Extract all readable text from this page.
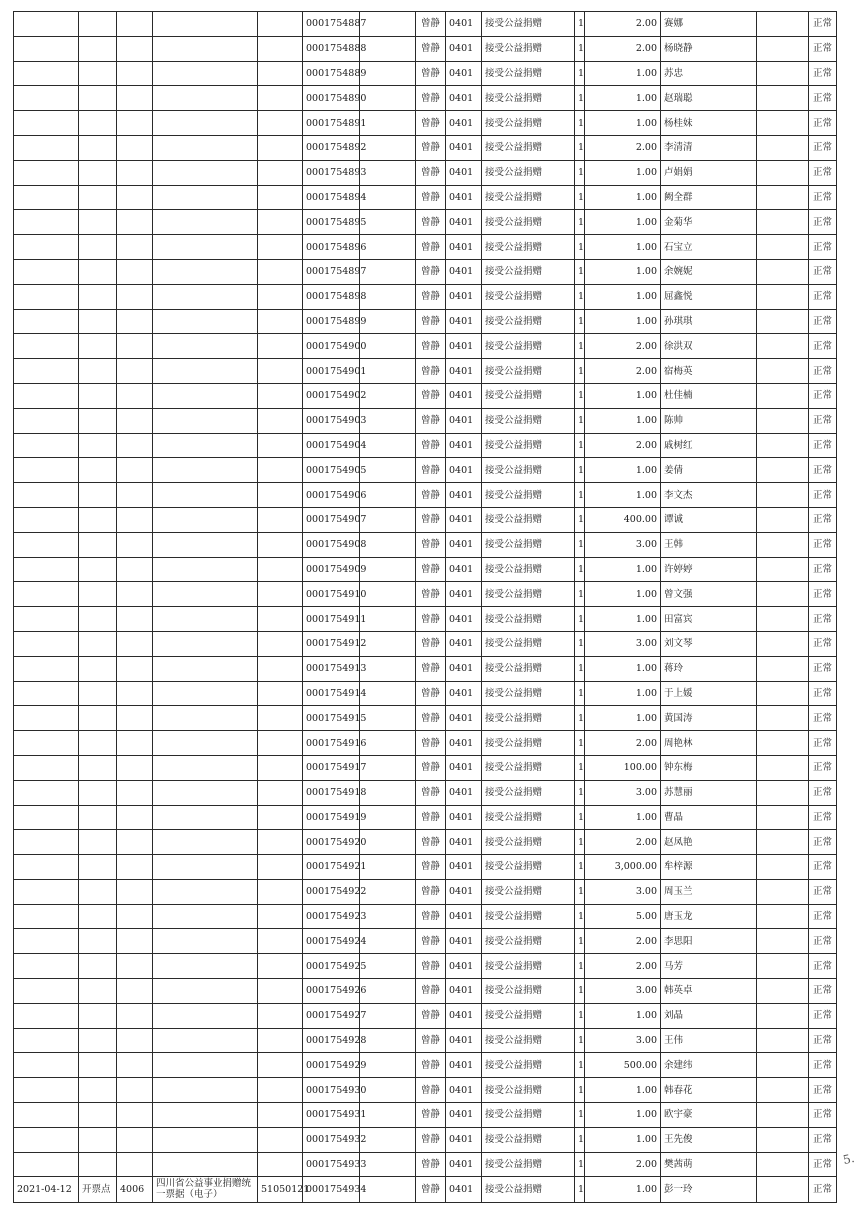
					0001754887		曾静	0401	接受公益捐赠	1	2.00	赛娜		正常
					0001754888		曾静	0401	接受公益捐赠	1	2.00	杨晓静		正常
					0001754889		曾静	0401	接受公益捐赠	1	1.00	苏忠		正常
					0001754890		曾静	0401	接受公益捐赠	1	1.00	赵瑞聪		正常
					0001754891		曾静	0401	接受公益捐赠	1	1.00	杨桂妹		正常
					0001754892		曾静	0401	接受公益捐赠	1	2.00	李清清		正常
					0001754893		曾静	0401	接受公益捐赠	1	1.00	卢娟娟		正常
					0001754894		曾静	0401	接受公益捐赠	1	1.00	阙全群		正常
					0001754895		曾静	0401	接受公益捐赠	1	1.00	金菊华		正常
					0001754896		曾静	0401	接受公益捐赠	1	1.00	石宝立		正常
					0001754897		曾静	0401	接受公益捐赠	1	1.00	余婉妮		正常
					0001754898		曾静	0401	接受公益捐赠	1	1.00	屈鑫悦		正常
					0001754899		曾静	0401	接受公益捐赠	1	1.00	孙琪琪		正常
					0001754900		曾静	0401	接受公益捐赠	1	2.00	徐洪双		正常
					0001754901		曾静	0401	接受公益捐赠	1	2.00	宿梅英		正常
					0001754902		曾静	0401	接受公益捐赠	1	1.00	杜佳楠		正常
					0001754903		曾静	0401	接受公益捐赠	1	1.00	陈帅		正常
					0001754904		曾静	0401	接受公益捐赠	1	2.00	戚树红		正常
					0001754905		曾静	0401	接受公益捐赠	1	1.00	姜倩		正常
					0001754906		曾静	0401	接受公益捐赠	1	1.00	李文杰		正常
					0001754907		曾静	0401	接受公益捐赠	1	400.00	谭诚		正常
					0001754908		曾静	0401	接受公益捐赠	1	3.00	王韩		正常
					0001754909		曾静	0401	接受公益捐赠	1	1.00	许婷婷		正常
					0001754910		曾静	0401	接受公益捐赠	1	1.00	曾文强		正常
					0001754911		曾静	0401	接受公益捐赠	1	1.00	田富宾		正常
					0001754912		曾静	0401	接受公益捐赠	1	3.00	刘文琴		正常
					0001754913		曾静	0401	接受公益捐赠	1	1.00	蒋玲		正常
					0001754914		曾静	0401	接受公益捐赠	1	1.00	于上媛		正常
					0001754915		曾静	0401	接受公益捐赠	1	1.00	黄国涛		正常
					0001754916		曾静	0401	接受公益捐赠	1	2.00	周艳林		正常
					0001754917		曾静	0401	接受公益捐赠	1	100.00	钟东梅		正常
					0001754918		曾静	0401	接受公益捐赠	1	3.00	苏慧丽		正常
					0001754919		曾静	0401	接受公益捐赠	1	1.00	曹晶		正常
					0001754920		曾静	0401	接受公益捐赠	1	2.00	赵凤艳		正常
					0001754921		曾静	0401	接受公益捐赠	1	3,000.00	牟梓源		正常
					0001754922		曾静	0401	接受公益捐赠	1	3.00	周玉兰		正常
					0001754923		曾静	0401	接受公益捐赠	1	5.00	唐玉龙		正常
					0001754924		曾静	0401	接受公益捐赠	1	2.00	李思阳		正常
					0001754925		曾静	0401	接受公益捐赠	1	2.00	马芳		正常
					0001754926		曾静	0401	接受公益捐赠	1	3.00	韩英卓		正常
					0001754927		曾静	0401	接受公益捐赠	1	1.00	刘晶		正常
					0001754928		曾静	0401	接受公益捐赠	1	3.00	王伟		正常
					0001754929		曾静	0401	接受公益捐赠	1	500.00	余建纬		正常
					0001754930		曾静	0401	接受公益捐赠	1	1.00	韩春花		正常
					0001754931		曾静	0401	接受公益捐赠	1	1.00	欧宇豪		正常
					0001754932		曾静	0401	接受公益捐赠	1	1.00	王先俊		正常
					0001754933		曾静	0401	接受公益捐赠	1	2.00	樊茜萌		正常
2021-04-12	开票点	4006	四川省公益事业捐赠统一票据（电子）	51050121	0001754934		曾静	0401	接受公益捐赠	1	1.00	彭一玲		正常
5.
